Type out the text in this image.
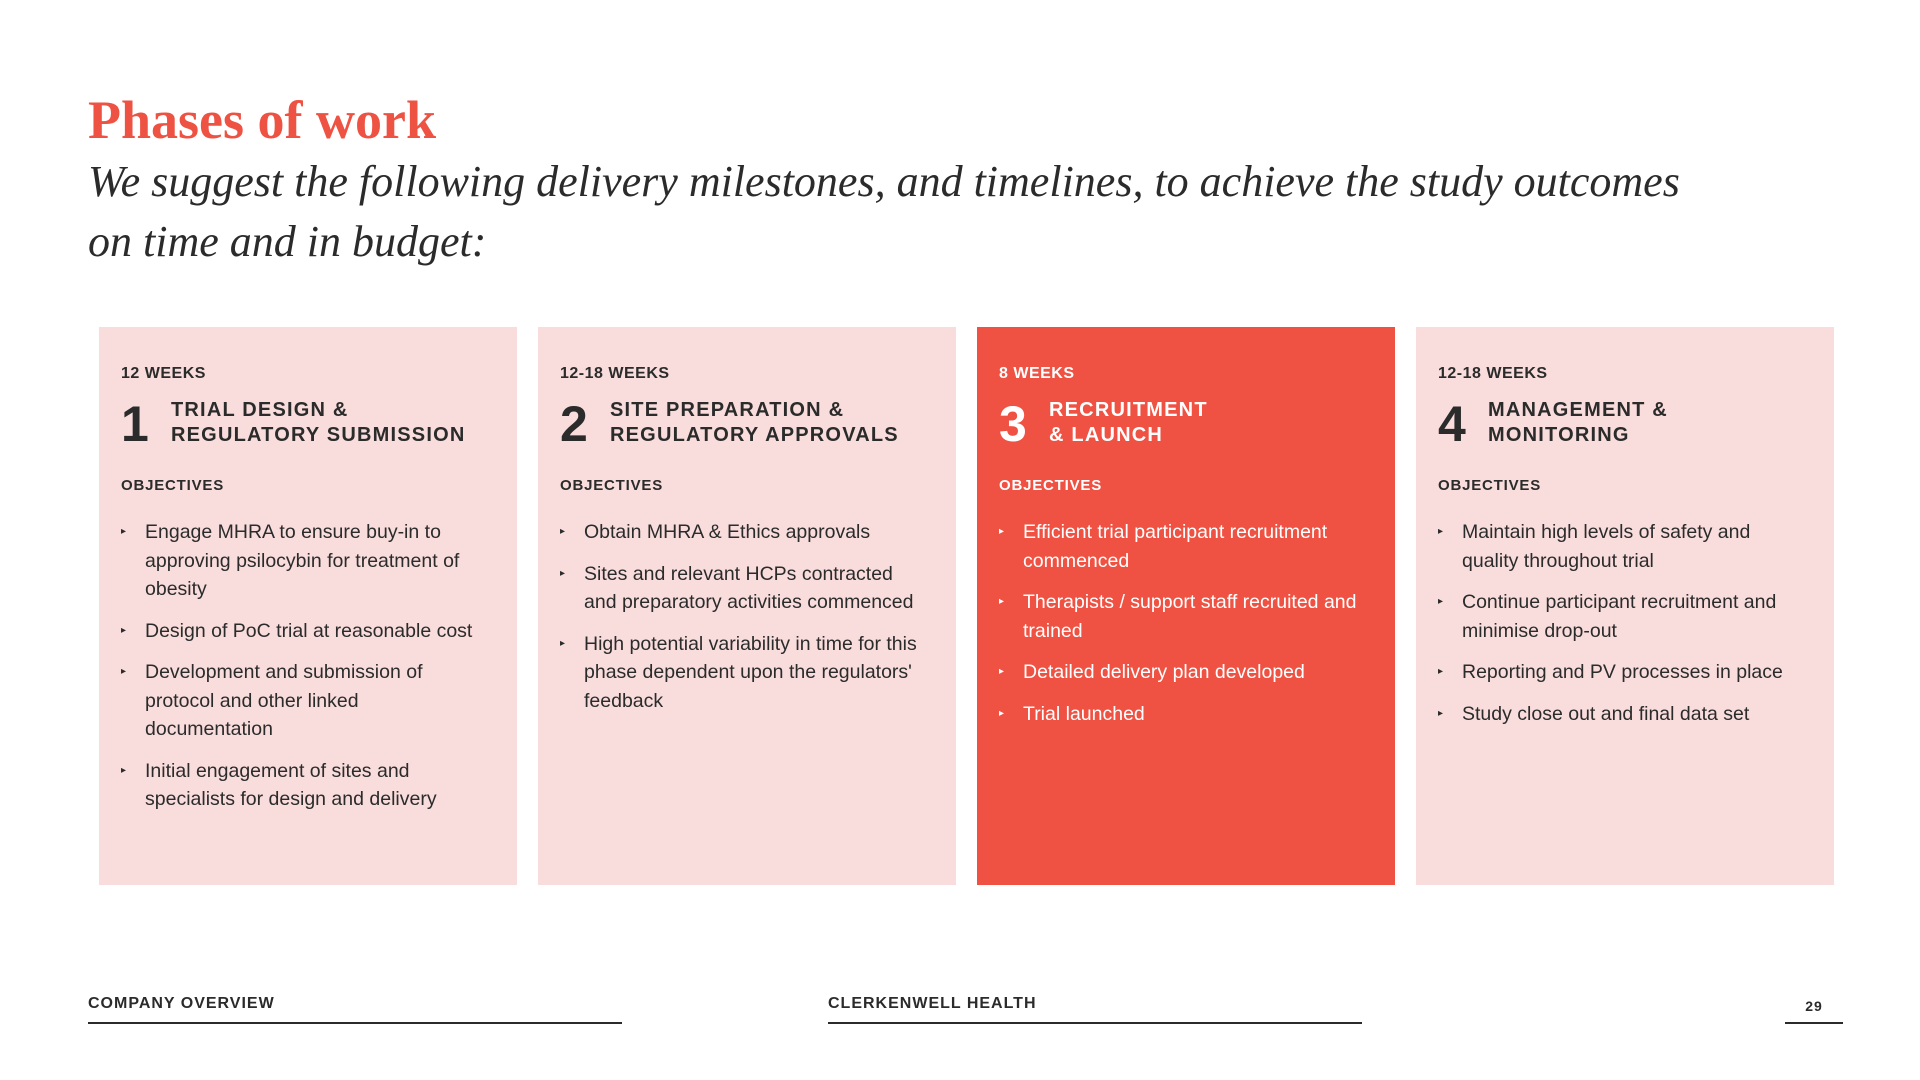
Phases of work

We suggest the following delivery milestones, and timelines, to achieve the study outcomes on time and in budget:

12 WEEKS
1	TRIAL DESIGN &
REGULATORY SUBMISSION
OBJECTIVES
▸ Engage MHRA to ensure buy-in to approving psilocybin for treatment of obesity
▸ Design of PoC trial at reasonable cost
▸ Development and submission of protocol and other linked documentation
▸ Initial engagement of sites and specialists for design and delivery
12-18 WEEKS
2	SITE PREPARATION &
REGULATORY APPROVALS
OBJECTIVES
▸ Obtain MHRA & Ethics approvals
▸ Sites and relevant HCPs contracted and preparatory activities commenced
▸ High potential variability in time for this phase dependent upon the regulators' feedback
8 WEEKS
3	RECRUITMENT
& LAUNCH
OBJECTIVES
▸ Efficient trial participant recruitment commenced
▸ Therapists / support staff recruited and trained
▸ Detailed delivery plan developed
▸ Trial launched
12-18 WEEKS
4	MANAGEMENT &
MONITORING
OBJECTIVES
▸ Maintain high levels of safety and quality throughout trial
▸ Continue participant recruitment and minimise drop-out
▸ Reporting and PV processes in place
▸ Study close out and final data set
COMPANY OVERVIEW	CLERKENWELL HEALTH	29
